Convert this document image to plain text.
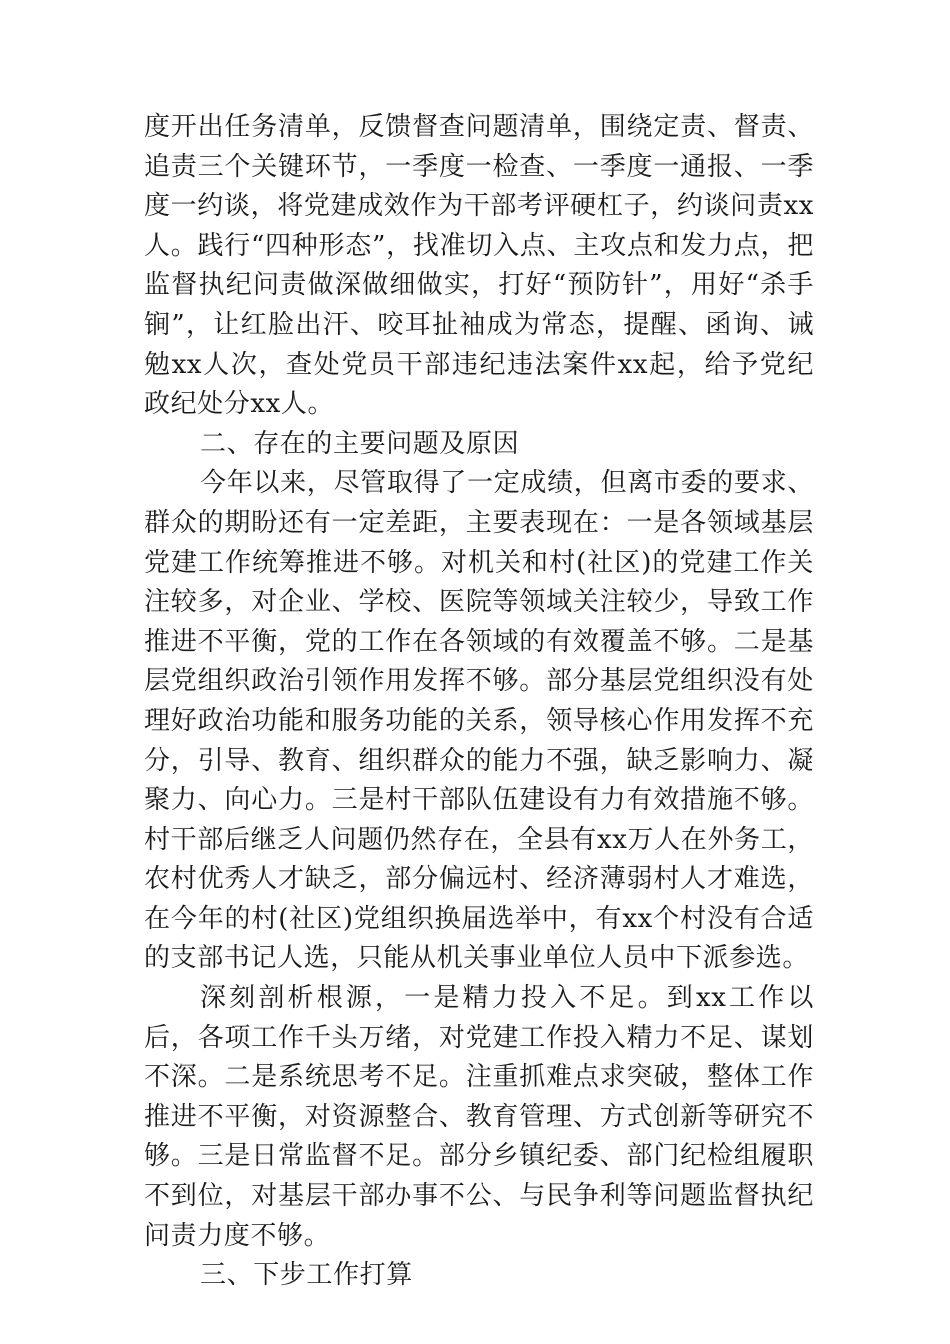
度开出任务清单，反馈督查问题清单，围绕定责、督责、追责三个关键环节，一季度一检查、一季度一通报、一季度一约谈，将党建成效作为干部考评硬杠子，约谈问责xx人。践行“四种形态”，找准切入点、主攻点和发力点，把监督执纪问责做深做细做实，打好“预防针”，用好“杀手锏”，让红脸出汗、咬耳扯袖成为常态，提醒、函询、诫勉xx人次，查处党员干部违纪违法案件xx起，给予党纪政纪处分xx人。

二、存在的主要问题及原因

今年以来，尽管取得了一定成绩，但离市委的要求、群众的期盼还有一定差距，主要表现在：一是各领域基层党建工作统筹推进不够。对机关和村(社区)的党建工作关注较多，对企业、学校、医院等领域关注较少，导致工作推进不平衡，党的工作在各领域的有效覆盖不够。二是基层党组织政治引领作用发挥不够。部分基层党组织没有处理好政治功能和服务功能的关系，领导核心作用发挥不充分，引导、教育、组织群众的能力不强，缺乏影响力、凝聚力、向心力。三是村干部队伍建设有力有效措施不够。村干部后继乏人问题仍然存在，全县有xx万人在外务工，农村优秀人才缺乏，部分偏远村、经济薄弱村人才难选，在今年的村(社区)党组织换届选举中，有xx个村没有合适的支部书记人选，只能从机关事业单位人员中下派参选。

深刻剖析根源，一是精力投入不足。到xx工作以后，各项工作千头万绪，对党建工作投入精力不足、谋划不深。二是系统思考不足。注重抓难点求突破，整体工作推进不平衡，对资源整合、教育管理、方式创新等研究不够。三是日常监督不足。部分乡镇纪委、部门纪检组履职不到位，对基层干部办事不公、与民争利等问题监督执纪问责力度不够。

三、下步工作打算
